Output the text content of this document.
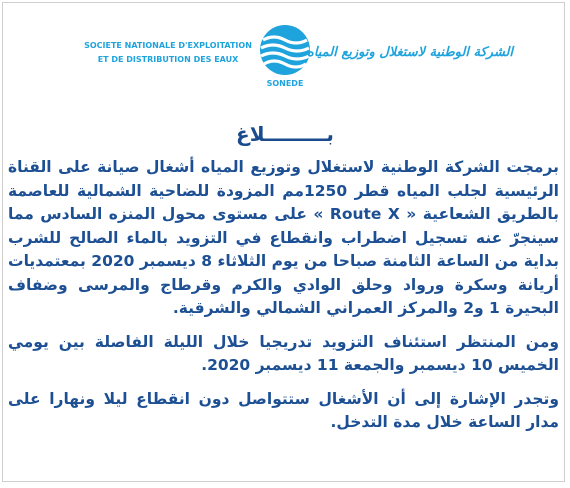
SOCIETE NATIONALE D'EXPLOITATION
ET DE DISTRIBUTION DES EAUX
SONEDE
الشركة الوطنية لاستغلال وتوزيع المياه
بـــــــــلاغ

برمجت الشركة الوطنية لاستغلال وتوزيع المياه أشغال صيانة على القناة الرئيسية لجلب المياه قطر 1250مم المزودة للضاحية الشمالية للعاصمة بالطريق الشعاعية « Route X » على مستوى محول المنزه السادس مما سينجرّ عنه تسجيل اضطراب وانقطاع في التزويد بالماء الصالح للشرب بداية من الساعة الثامنة صباحا من يوم الثلاثاء 8 ديسمبر 2020 بمعتمديات أريانة وسكرة ورواد وحلق الوادي والكرم وقرطاج والمرسى وضفاف البحيرة 1 و2 والمركز العمراني الشمالي والشرقية.

ومن المنتظر استئناف التزويد تدريجيا خلال الليلة الفاصلة بين يومي الخميس 10 ديسمبر والجمعة 11 ديسمبر 2020.

وتجدر الإشارة إلى أن الأشغال ستتواصل دون انقطاع ليلا ونهارا على مدار الساعة خلال مدة التدخل.
